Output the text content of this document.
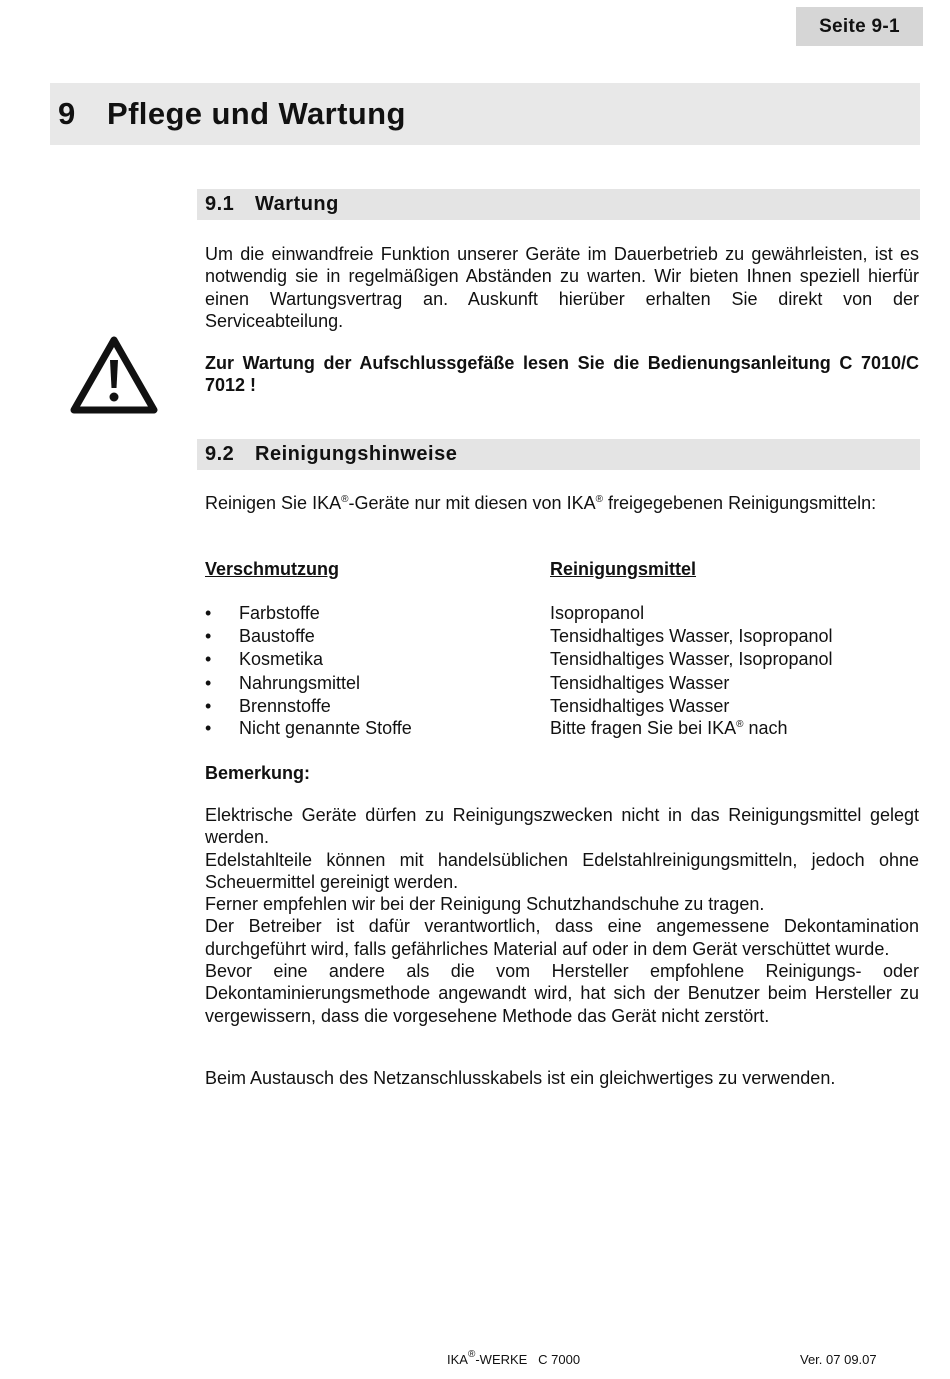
Seite 9-1
9	Pflege und Wartung
9.1	Wartung
Um die einwandfreie Funktion unserer Geräte im Dauerbetrieb zu gewährleisten, ist es notwendig sie in regelmäßigen Abständen zu warten. Wir bieten Ihnen speziell hierfür einen Wartungsvertrag an. Auskunft hierüber erhalten Sie direkt von der Serviceabteilung.
Zur Wartung der Aufschlussgefäße lesen Sie die Bedienungsanleitung C 7010/C 7012 !
9.2	Reinigungshinweise
Reinigen Sie IKA®-Geräte nur mit diesen von IKA® freigegebenen Reinigungsmitteln:
Verschmutzung	Reinigungsmittel
• Farbstoffe	Isopropanol
• Baustoffe	Tensidhaltiges Wasser, Isopropanol
• Kosmetika	Tensidhaltiges Wasser, Isopropanol
• Nahrungsmittel	Tensidhaltiges Wasser
• Brennstoffe	Tensidhaltiges Wasser
• Nicht genannte Stoffe	Bitte fragen Sie bei IKA® nach
Bemerkung:
Elektrische Geräte dürfen zu Reinigungszwecken nicht in das Reinigungsmittel gelegt werden.
Edelstahlteile können mit handelsüblichen Edelstahlreinigungsmitteln, jedoch ohne Scheuermittel gereinigt werden.
Ferner empfehlen wir bei der Reinigung Schutzhandschuhe zu tragen.
Der Betreiber ist dafür verantwortlich, dass eine angemessene Dekontamination durchgeführt wird, falls gefährliches Material auf oder in dem Gerät verschüttet wurde.
Bevor eine andere als die vom Hersteller empfohlene Reinigungs- oder Dekontaminierungsmethode angewandt wird, hat sich der Benutzer beim Hersteller zu vergewissern, dass die vorgesehene Methode das Gerät nicht zerstört.
Beim Austausch des Netzanschlusskabels ist ein gleichwertiges zu verwenden.
IKA®-WERKE   C 7000	Ver. 07 09.07
